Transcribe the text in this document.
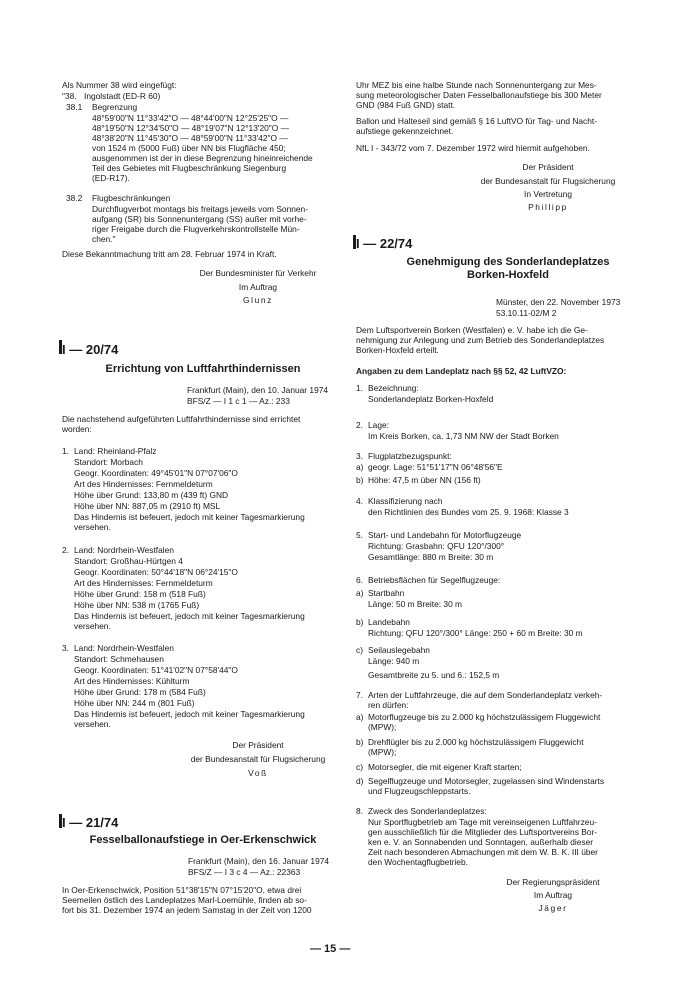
Als Nummer 38 wird eingefügt:
"38. Ingolstadt (ED-R 60)
38.1 Begrenzung
48°59'00"N 11°33'42"O — 48°44'00"N 12°25'25"O —
48°19'50"N 12°34'50"O — 48°19'07"N 12°13'20"O —
48°38'20"N 11°45'30"O — 48°59'00"N 11°33'42"O —
von 1524 m (5000 Fuß) über NN bis Flugfläche 450;
ausgenommen ist der in diese Begrenzung hineinreichende
Teil des Gebietes mit Flugbeschränkung Siegenburg
(ED-R17).
38.2 Flugbeschränkungen
Durchflugverbot montags bis freitags jeweils vom Sonnen-
aufgang (SR) bis Sonnenuntergang (SS) außer mit vorhe-
riger Freigabe durch die Flugverkehrskontrollstelle Mün-
chen."
Diese Bekanntmachung tritt am 28. Februar 1974 in Kraft.
Der Bundesminister für Verkehr
Im Auftrag
Glunz
I — 20/74
Errichtung von Luftfahrthindernissen
Frankfurt (Main), den 10. Januar 1974
BFS/Z — I 1 c 1 — Az.: 233
Die nachstehend aufgeführten Luftfahrthindernisse sind errichtet
worden:
1. Land: Rheinland-Pfalz
Standort: Morbach
Geogr. Koordinaten: 49°45'01"N 07°07'06"O
Art des Hindernisses: Fernmeldeturm
Höhe über Grund: 133,80 m (439 ft) GND
Höhe über NN: 887,05 m (2910 ft) MSL
Das Hindernis ist befeuert, jedoch mit keiner Tagesmarkierung
versehen.
2. Land: Nordrhein-Westfalen
Standort: Großhau-Hürtgen 4
Geogr. Koordinaten: 50°44'18"N 06°24'15"O
Art des Hindernisses: Fernmeldeturm
Höhe über Grund: 158 m (518 Fuß)
Höhe über NN: 538 m (1765 Fuß)
Das Hindernis ist befeuert, jedoch mit keiner Tagesmarkierung
versehen.
3. Land: Nordrhein-Westfalen
Standort: Schmehausen
Geogr. Koordinaten: 51°41'02"N 07°58'44"O
Art des Hindernisses: Kühlturm
Höhe über Grund: 178 m (584 Fuß)
Höhe über NN: 244 m (801 Fuß)
Das Hindernis ist befeuert, jedoch mit keiner Tagesmarkierung
versehen.
Der Präsident
der Bundesanstalt für Flugsicherung
Voß
I — 21/74
Fesselballonaufstiege in Oer-Erkenschwick
Frankfurt (Main), den 16. Januar 1974
BFS/Z — I 3 c 4 — Az.: 22363
In Oer-Erkenschwick, Position 51°38'15"N 07°15'20"O, etwa drei
Seemeilen östlich des Landeplatzes Marl-Loemühle, finden ab so-
fort bis 31. Dezember 1974 an jedem Samstag in der Zeit von 1200
Uhr MEZ bis eine halbe Stunde nach Sonnenuntergang zur Mes-
sung meteorologischer Daten Fesselballonaufstiege bis 300 Meter
GND (984 Fuß GND) statt.
Ballon und Halteseil sind gemäß § 16 LuftVO für Tag- und Nacht-
aufstiege gekennzeichnet.
NfL I - 343/72 vom 7. Dezember 1972 wird hiermit aufgehoben.
Der Präsident
der Bundesanstalt für Flugsicherung
In Vertretung
Phillipp
I — 22/74
Genehmigung des Sonderlandeplatzes
Borken-Hoxfeld
Münster, den 22. November 1973
53.10.11-02/M 2
Dem Luftsportverein Borken (Westfalen) e. V. habe ich die Ge-
nehmigung zur Anlegung und zum Betrieb des Sonderlandeplatzes
Borken-Hoxfeld erteilt.
Angaben zu dem Landeplatz nach §§ 52, 42 LuftVZO:
1. Bezeichnung:
Sonderlandeplatz Borken-Hoxfeld
2. Lage:
Im Kreis Borken, ca. 1,73 NM NW der Stadt Borken
3. Flugplatzbezugspunkt:
a) geogr. Lage: 51°51'17"N 06°48'56"E
b) Höhe: 47,5 m über NN (156 ft)
4. Klassifizierung nach
den Richtlinien des Bundes vom 25. 9. 1968: Klasse 3
5. Start- und Landebahn für Motorflugzeuge
Richtung: Grasbahn: QFU 120°/300°
Gesamtlänge: 880 m Breite: 30 m
6. Betriebsflächen für Segelflugzeuge:
a) Startbahn
Länge: 50 m Breite: 30 m
b) Landebahn
Richtung: QFU 120°/300° Länge: 250 + 60 m Breite: 30 m
c) Seilauslegebahn
Länge: 940 m
Gesamtbreite zu 5. und 6.: 152,5 m
7. Arten der Luftfahrzeuge, die auf dem Sonderlandeplatz verkeh-
ren dürfen:
a) Motorflugzeuge bis zu 2.000 kg höchstzulässigem Fluggewicht
(MPW);
b) Drehflügler bis zu 2.000 kg höchstzulässigem Fluggewicht
(MPW);
c) Motorsegler, die mit eigener Kraft starten;
d) Segelflugzeuge und Motorsegler, zugelassen sind Windenstarts
und Flugzeugschleppstarts.
8. Zweck des Sonderlandeplatzes:
Nur Sportflugbetrieb am Tage mit vereinseigenen Luftfahrzeu-
gen ausschließlich für die Mitglieder des Luftsportvereins Bor-
ken e. V. an Sonnabenden und Sonntagen, außerhalb dieser
Zeit nach besonderen Abmachungen mit dem W. B. K. III über
den Wochentagflugbetrieb.
Der Regierungspräsident
Im Auftrag
Jäger
— 15 —
